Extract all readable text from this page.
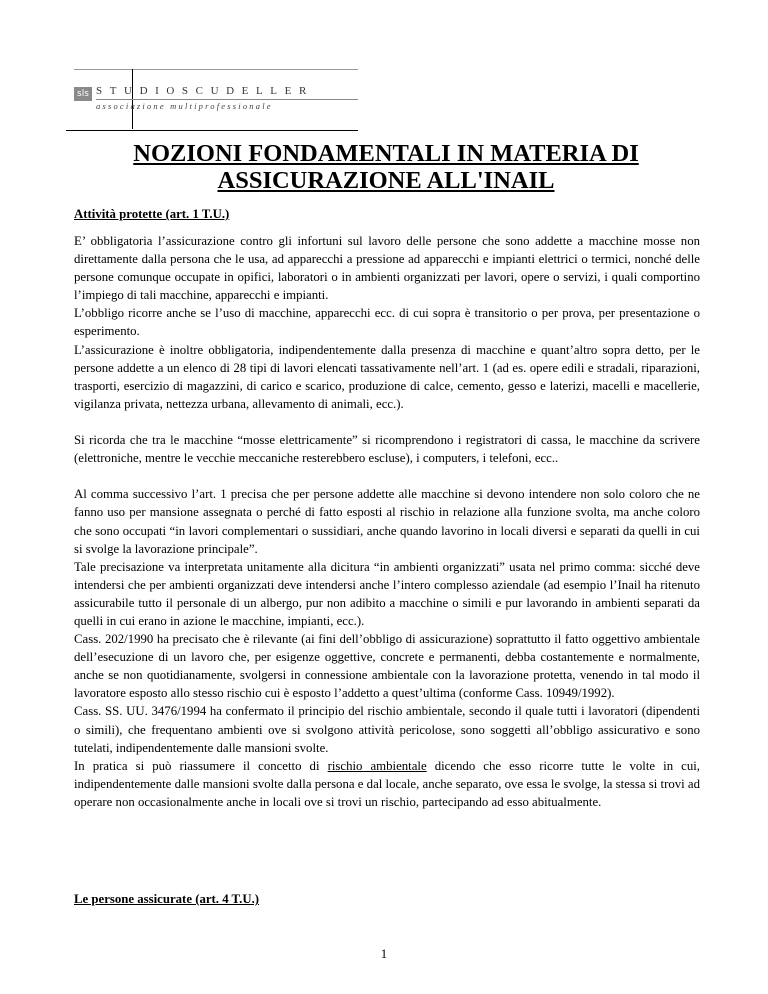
sls STUDIOSCUDELLER
associazione multiprofessionale
NOZIONI FONDAMENTALI IN MATERIA DI ASSICURAZIONE ALL'INAIL
Attività protette (art. 1 T.U.)

E’ obbligatoria l’assicurazione contro gli infortuni sul lavoro delle persone che sono addette a macchine mosse non direttamente dalla persona che le usa, ad apparecchi a pressione ad apparecchi e impianti elettrici o termici, nonché delle persone comunque occupate in opifici, laboratori o in ambienti organizzati per lavori, opere o servizi, i quali comportino l’impiego di tali macchine, apparecchi e impianti.

L’obbligo ricorre anche se l’uso di macchine, apparecchi ecc. di cui sopra è transitorio o per prova, per presentazione o esperimento.

L’assicurazione è inoltre obbligatoria, indipendentemente dalla presenza di macchine e quant’altro sopra detto, per le persone addette a un elenco di 28 tipi di lavori elencati tassativamente nell’art. 1 (ad es. opere edili e stradali, riparazioni, trasporti, esercizio di magazzini, di carico e scarico, produzione di calce, cemento, gesso e laterizi, macelli e macellerie, vigilanza privata, nettezza urbana, allevamento di animali, ecc.).

Si ricorda che tra le macchine “mosse elettricamente” si ricomprendono i registratori di cassa, le macchine da scrivere (elettroniche, mentre le vecchie meccaniche resterebbero escluse), i computers, i telefoni, ecc..

Al comma successivo l’art. 1 precisa che per persone addette alle macchine si devono intendere non solo coloro che ne fanno uso per mansione assegnata o perché di fatto esposti al rischio in relazione alla funzione svolta, ma anche coloro che sono occupati “in lavori complementari o sussidiari, anche quando lavorino in locali diversi e separati da quelli in cui si svolge la lavorazione principale”.

Tale precisazione va interpretata unitamente alla dicitura “in ambienti organizzati” usata nel primo comma: sicché deve intendersi che per ambienti organizzati deve intendersi anche l’intero complesso aziendale (ad esempio l’Inail ha ritenuto assicurabile tutto il personale di un albergo, pur non adibito a macchine o simili e pur lavorando in ambienti separati da quelli in cui erano in azione le macchine, impianti, ecc.).

Cass. 202/1990 ha precisato che è rilevante (ai fini dell’obbligo di assicurazione) soprattutto il fatto oggettivo ambientale dell’esecuzione di un lavoro che, per esigenze oggettive, concrete e permanenti, debba costantemente e normalmente, anche se non quotidianamente, svolgersi in connessione ambientale con la lavorazione protetta, venendo in tal modo il lavoratore esposto allo stesso rischio cui è esposto l’addetto a quest’ultima (conforme Cass. 10949/1992).

Cass. SS. UU. 3476/1994 ha confermato il principio del rischio ambientale, secondo il quale tutti i lavoratori (dipendenti o simili), che frequentano ambienti ove si svolgono attività pericolose, sono soggetti all’obbligo assicurativo e sono tutelati, indipendentemente dalle mansioni svolte.

In pratica si può riassumere il concetto di rischio ambientale dicendo che esso ricorre tutte le volte in cui, indipendentemente dalle mansioni svolte dalla persona e dal locale, anche separato, ove essa le svolge, la stessa si trovi ad operare non occasionalmente anche in locali ove si trovi un rischio, partecipando ad esso abitualmente.

Le persone assicurate (art. 4 T.U.)
1
